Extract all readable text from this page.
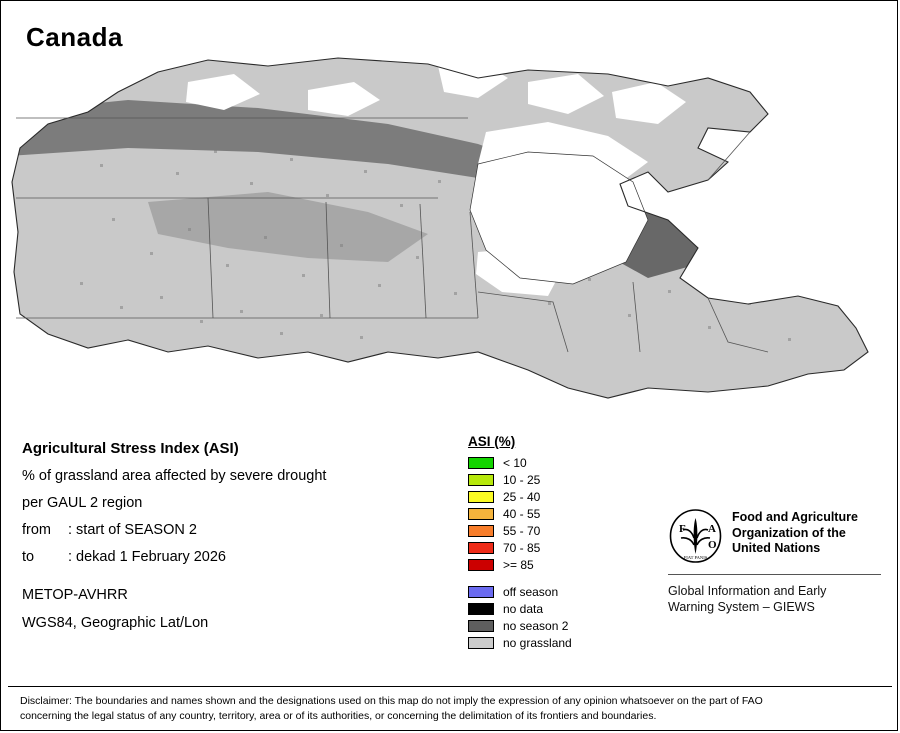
Canada
Agricultural Stress Index (ASI)
% of grassland area affected by severe drought
per GAUL 2 region
from : start of SEASON 2
to : dekad 1 February 2026
METOP-AVHRR
WGS84, Geographic Lat/Lon
ASI (%)
< 10
10 - 25
25 - 40
40 - 55
55 - 70
70 - 85
>= 85
off season
no data
no season 2
no grassland
F A
O
FIAT PANIS
Food and Agriculture
Organization of the
United Nations
Global Information and Early
Warning System – GIEWS
Disclaimer: The boundaries and names shown and the designations used on this map do not imply the expression of any opinion whatsoever on the part of FAO
concerning the legal status of any country, territory, area or of its authorities, or concerning the delimitation of its frontiers and boundaries.
